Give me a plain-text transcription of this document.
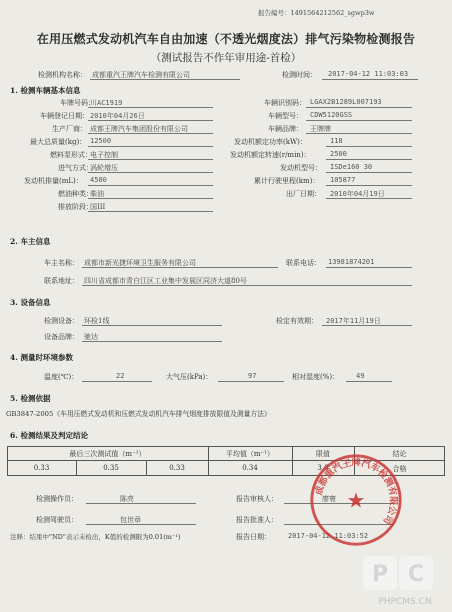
报告编号：1491564212562_sgwp3w
在用压燃式发动机汽车自由加速（不透光烟度法）排气污染物检测报告
（测试报告不作年审用途-首检）
检测机构名称： 成都重汽王牌汽车检测有限公司	检测时间： 2017-04-12 11:03:03
1. 检测车辆基本信息
车牌号码：
川AC1919	车辆识别码： LGAX2B1289L007193
车辆登记日期： 2010年04月26日	车辆型号： CDW5120GSS
生产厂商： 成都王牌汽车集团股份有限公司	车辆品牌： 王牌牌
最大总质量(kg)： 12500	发动机额定功率(kW)：	118
燃料泵形式：
电子控制	发动机额定转速(r/min)：	2500
进气方式：
涡轮增压	发动机型号： ISDe160 30
发动机排量(mL)： 4500	累计行驶里程(km)： 105877
燃油种类：
柴油	出厂日期： 2010年04月19日
排放阶段：
国III
2. 车主信息
车主名称： 成都市新光捷环境卫生服务有限公司	联系电话： 13981874201
联系地址： 四川省成都市青白江区工业集中发展区同济大道80号
3. 设备信息
检测设备： 环检1线	检定有效期： 2017年11月19日
设备品牌： 驰达
4. 测量时环境参数
温度(℃)：	22	大气压(kPa)：	97	相对湿度(%)： 49
5. 检测依据
GB3847-2005《车用压燃式发动机和压燃式发动机汽车排气烟度排放限值及测量方法》
6. 检测结果及判定结论
最后三次测试值（m⁻¹）	平均值（m⁻¹）	限值	结论
0.33	0.35	0.33	0.34	3.0	合格
检测操作员：	陈亮	报告审核人：	廖寰
检测驾驶员：	包世章	报告批准人：
注释：结果中"ND"表示未检出，K值的检测限为0.01(m⁻¹)	报告日期： 2017-04-12 11:03:52
成都重汽王牌汽车检测有限公司
★
P C
PHPCMS.CN
